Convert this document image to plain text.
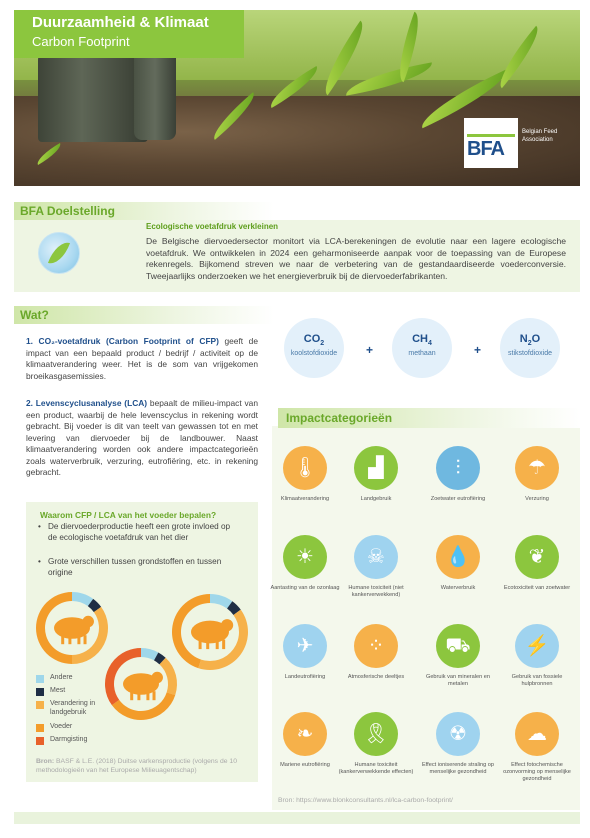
Duurzaamheid & Klimaat
Carbon Footprint
BFA
Belgian Feed Association
BFA Doelstelling
Ecologische voetafdruk verkleinen
De Belgische diervoedersector monitort via LCA-berekeningen de evolutie naar een lagere ecologische voetafdruk. We ontwikkelen in 2024 een geharmoniseerde aanpak voor de toepassing van de Europese rekenregels. Bijkomend streven we naar de verbetering van de gestandaardiseerde voederconversie. Tweejaarlijks onderzoeken we het energieverbruik bij de diervoederfabrikanten.
Wat?
1. CO₂-voetafdruk (Carbon Footprint of CFP) geeft de impact van een bepaald product / bedrijf / activiteit op de klimaatverandering weer. Het is de som van vrijgekomen broeikasgasemissies.
2. Levenscyclusanalyse (LCA) bepaalt de milieu-impact van een product, waarbij de hele levenscyclus in rekening wordt gebracht. Bij voeder is dit van teelt van gewassen tot en met levering van diervoeder bij de landbouwer. Naast klimaatverandering worden ook andere impactcategorieën zoals waterverbruik, verzuring, eutrofiëring, etc. in rekening gebracht.
$CO_2$
koolstofdioxide	+
$CH_4$
methaan	+
$N_2O$
stikstofdioxide
Impactcategorieën
🌡
Klimaatverandering
▟
Landgebruik
⫶
Zoetwater eutrofiëring
☂
Verzuring
☀
Aantasting van de ozonlaag
☠
Humane toxiciteit (niet kankerverwekkend)
💧
Waterverbruik
❦
Ecotoxiciteit van zoetwater
✈
Landeutrofiëring
⁘
Atmosferische deeltjes
⛟
Gebruik van mineralen en metalen
⚡
Gebruik van fossiele hulpbronnen
❧
Mariene eutrofiëring
🎗
Humane toxiciteit (kankerverwekkende effecten)
☢
Effect ioniserende straling op menselijke gezondheid
☁
Effect fotochemische ozonvorming op menselijke gezondheid
Waarom CFP / LCA van het voeder bepalen?
• De diervoederproductie heeft een grote invloed op de ecologische voetafdruk van het dier
• Grote verschillen tussen grondstoffen en tussen origine
Andere
Mest
Verandering in landgebruik
Voeder
Darmgisting
Bron: BASF & L.E. (2018) Duitse varkensproductie (volgens de 10 methodologieën van het Europese Milieuagentschap)
Bron: https://www.blonkconsultants.nl/lca-carbon-footprint/
